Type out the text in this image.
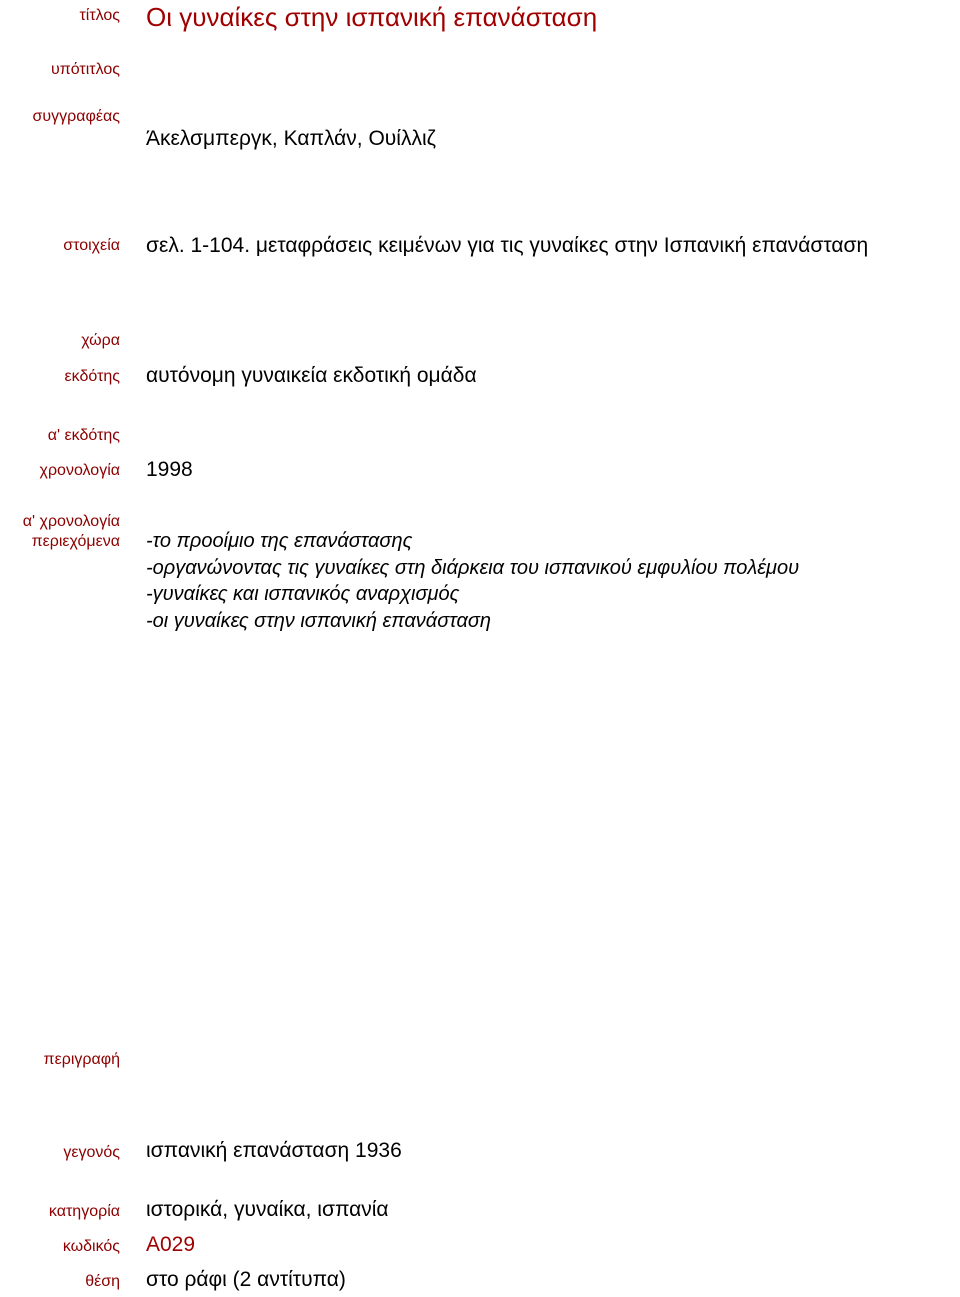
τίτλος Οι γυναίκες στην ισπανική επανάσταση
υπότιτλος
συγγραφέας
Άκελσμπεργκ, Καπλάν, Ουίλλιζ
στοιχεία σελ. 1-104. μεταφράσεις κειμένων για τις γυναίκες στην Ισπανική επανάσταση
χώρα
εκδότης αυτόνομη γυναικεία εκδοτική ομάδα
α' εκδότης
χρονολογία 1998
α' χρονολογία
περιεχόμενα -το προοίμιο της επανάστασης
-οργανώνοντας τις γυναίκες στη διάρκεια του ισπανικού εμφυλίου πολέμου
-γυναίκες και ισπανικός αναρχισμός
-οι γυναίκες στην ισπανική επανάσταση
περιγραφή
γεγονός ισπανική επανάσταση 1936
κατηγορία ιστορικά, γυναίκα, ισπανία
κωδικός Α029
θέση στο ράφι (2 αντίτυπα)
